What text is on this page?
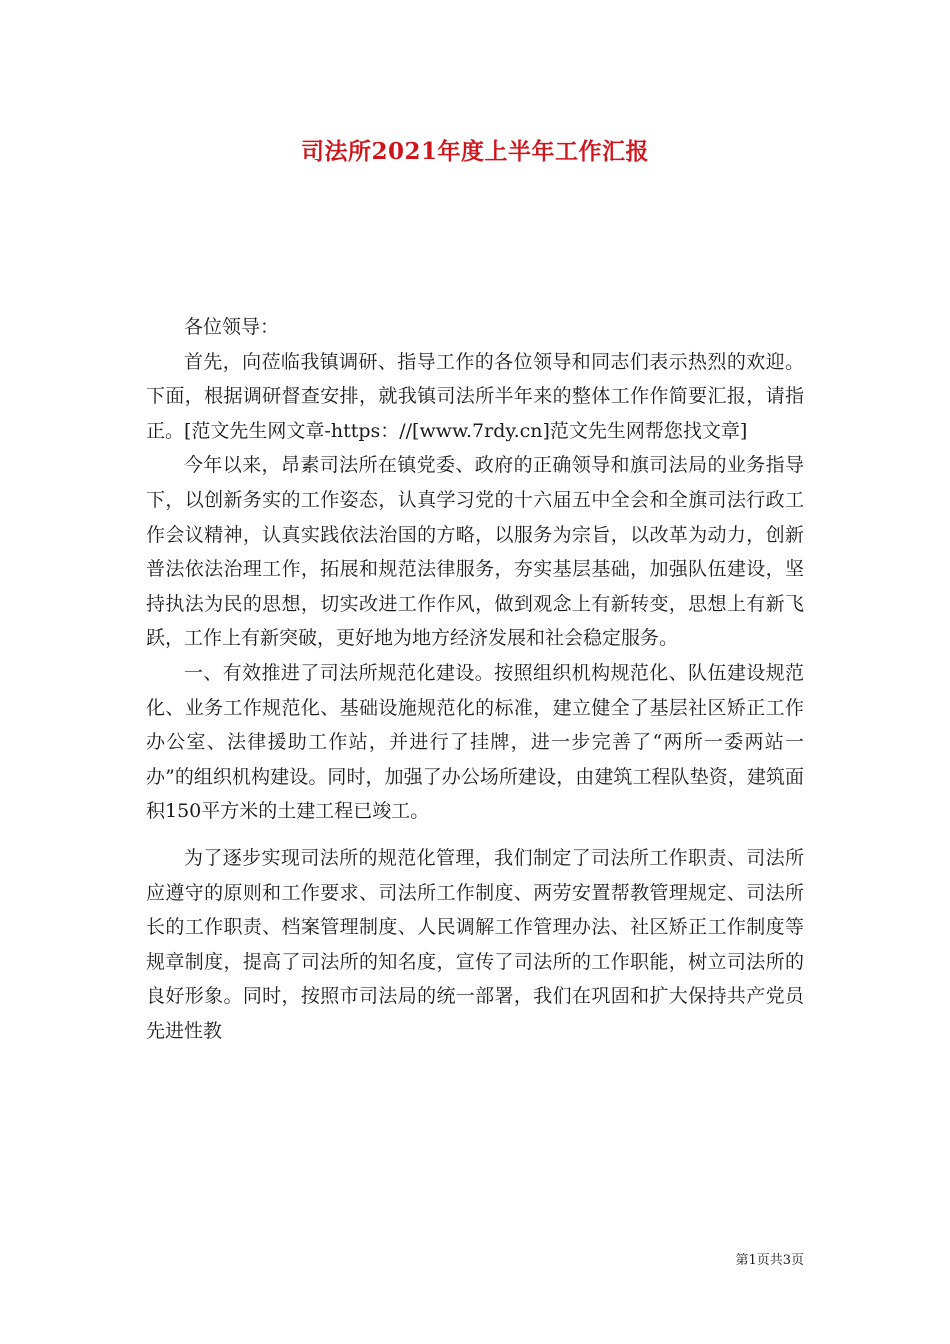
司法所2021年度上半年工作汇报

各位领导：

首先，向莅临我镇调研、指导工作的各位领导和同志们表示热烈的欢迎。下面，根据调研督查安排，就我镇司法所半年来的整体工作作简要汇报，请指正。[范文先生网文章-https：//[www.7rdy.cn]范文先生网帮您找文章]

今年以来，昂素司法所在镇党委、政府的正确领导和旗司法局的业务指导下，以创新务实的工作姿态，认真学习党的十六届五中全会和全旗司法行政工作会议精神，认真实践依法治国的方略，以服务为宗旨，以改革为动力，创新普法依法治理工作，拓展和规范法律服务，夯实基层基础，加强队伍建设，坚持执法为民的思想，切实改进工作作风，做到观念上有新转变，思想上有新飞跃，工作上有新突破，更好地为地方经济发展和社会稳定服务。

一、有效推进了司法所规范化建设。按照组织机构规范化、队伍建设规范化、业务工作规范化、基础设施规范化的标准，建立健全了基层社区矫正工作办公室、法律援助工作站，并进行了挂牌，进一步完善了“两所一委两站一办”的组织机构建设。同时，加强了办公场所建设，由建筑工程队垫资，建筑面积150平方米的土建工程已竣工。

为了逐步实现司法所的规范化管理，我们制定了司法所工作职责、司法所应遵守的原则和工作要求、司法所工作制度、两劳安置帮教管理规定、司法所长的工作职责、档案管理制度、人民调解工作管理办法、社区矫正工作制度等规章制度，提高了司法所的知名度，宣传了司法所的工作职能，树立司法所的良好形象。同时，按照市司法局的统一部署，我们在巩固和扩大保持共产党员先进性教

第1页共3页
